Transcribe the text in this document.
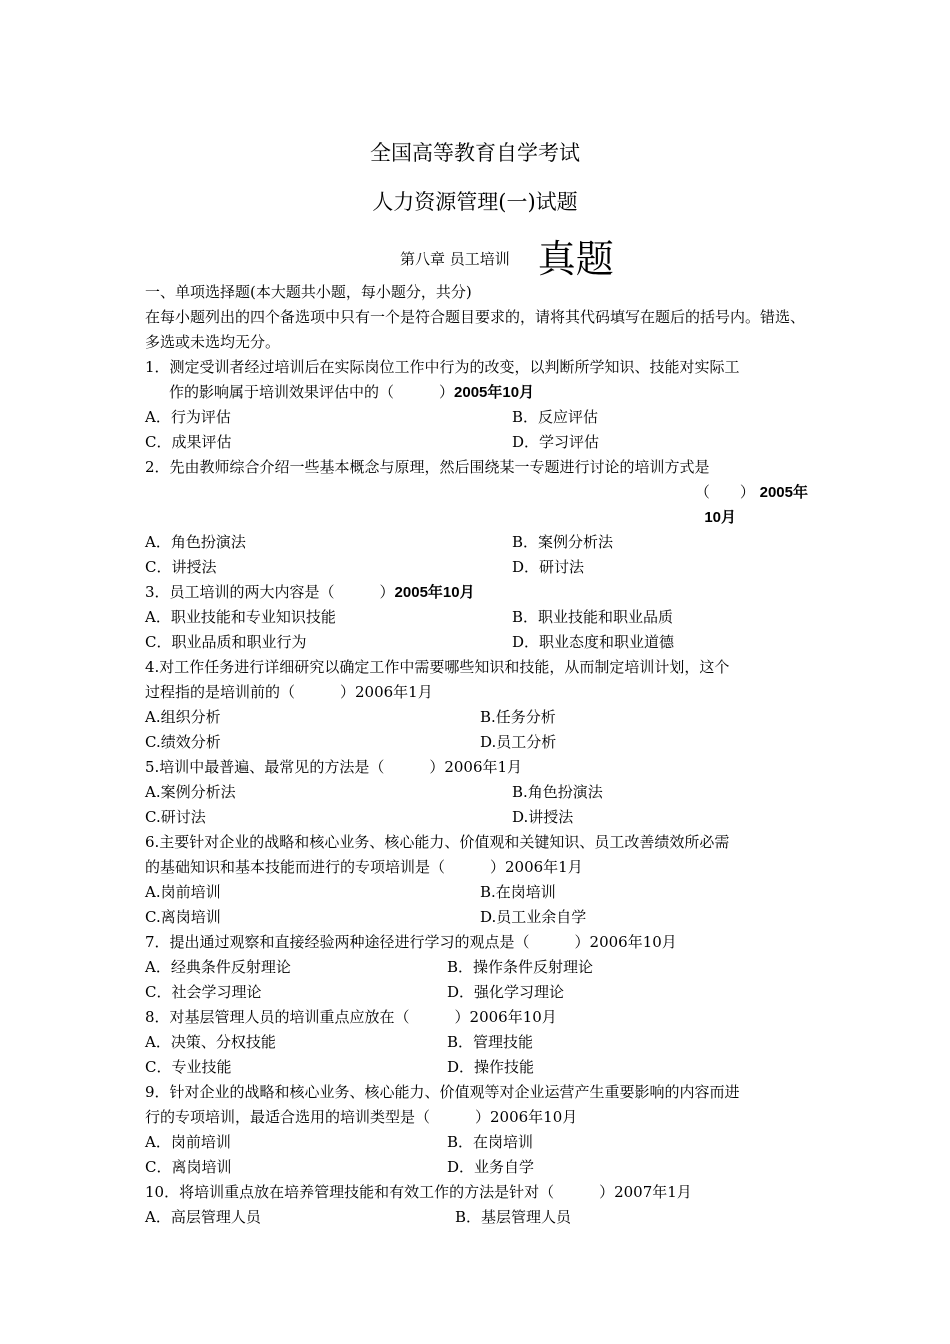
全国高等教育自学考试
人力资源管理(一)试题
第八章 员工培训 真题
一、单项选择题(本大题共小题，每小题分，共分)
在每小题列出的四个备选项中只有一个是符合题目要求的，请将其代码填写在题后的括号内。错选、多选或未选均无分。
1．测定受训者经过培训后在实际岗位工作中行为的改变，以判断所学知识、技能对实际工
作的影响属于培训效果评估中的（　　　）2005年10月
A．行为评估	B．反应评估
C．成果评估	D．学习评估
2．先由教师综合介绍一些基本概念与原理，然后围绕某一专题进行讨论的培训方式是
（　　） 2005年
10月
A．角色扮演法	B．案例分析法
C．讲授法	D．研讨法
3．员工培训的两大内容是（　　　）2005年10月
A．职业技能和专业知识技能	B．职业技能和职业品质
C．职业品质和职业行为	D．职业态度和职业道德
4.对工作任务进行详细研究以确定工作中需要哪些知识和技能，从而制定培训计划，这个
过程指的是培训前的（　　　）2006年1月
A.组织分析	B.任务分析
C.绩效分析	D.员工分析
5.培训中最普遍、最常见的方法是（　　　）2006年1月
A.案例分析法	B.角色扮演法
C.研讨法	D.讲授法
6.主要针对企业的战略和核心业务、核心能力、价值观和关键知识、员工改善绩效所必需
的基础知识和基本技能而进行的专项培训是（　　　）2006年1月
A.岗前培训	B.在岗培训
C.离岗培训	D.员工业余自学
7．提出通过观察和直接经验两种途径进行学习的观点是（　　　）2006年10月
A．经典条件反射理论	B．操作条件反射理论
C．社会学习理论	D．强化学习理论
8．对基层管理人员的培训重点应放在（　　　）2006年10月
A．决策、分权技能	B．管理技能
C．专业技能	D．操作技能
9．针对企业的战略和核心业务、核心能力、价值观等对企业运营产生重要影响的内容而进
行的专项培训，最适合选用的培训类型是（　　　）2006年10月
A．岗前培训	B．在岗培训
C．离岗培训	D．业务自学
10．将培训重点放在培养管理技能和有效工作的方法是针对（　　　）2007年1月
A．高层管理人员	B．基层管理人员
